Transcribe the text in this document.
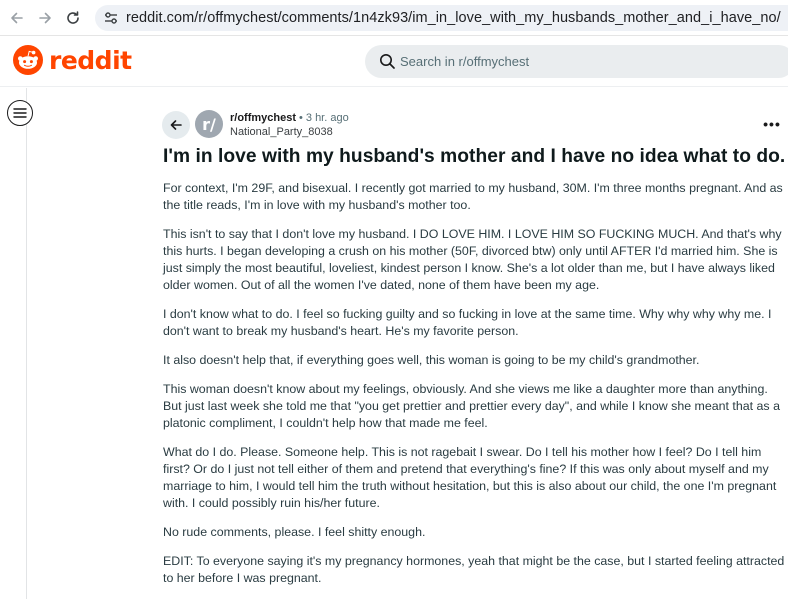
reddit.com/r/offmychest/comments/1n4zk93/im_in_love_with_my_husbands_mother_and_i_have_no/
reddit	Search in r/offmychest
r/	r/offmychest • 3 hr. ago
National_Party_8038	•••
I'm in love with my husband's mother and I have no idea what to do.

For context, I'm 29F, and bisexual. I recently got married to my husband, 30M. I'm three months pregnant. And as the title reads, I'm in love with my husband's mother too.

This isn't to say that I don't love my husband. I DO LOVE HIM. I LOVE HIM SO FUCKING MUCH. And that's why this hurts. I began developing a crush on his mother (50F, divorced btw) only until AFTER I'd married him. She is just simply the most beautiful, loveliest, kindest person I know. She's a lot older than me, but I have always liked older women. Out of all the women I've dated, none of them have been my age.

I don't know what to do. I feel so fucking guilty and so fucking in love at the same time. Why why why why me. I don't want to break my husband's heart. He's my favorite person.

It also doesn't help that, if everything goes well, this woman is going to be my child's grandmother.

This woman doesn't know about my feelings, obviously. And she views me like a daughter more than anything. But just last week she told me that "you get prettier and prettier every day", and while I know she meant that as a platonic compliment, I couldn't help how that made me feel.

What do I do. Please. Someone help. This is not ragebait I swear. Do I tell his mother how I feel? Do I tell him first? Or do I just not tell either of them and pretend that everything's fine? If this was only about myself and my marriage to him, I would tell him the truth without hesitation, but this is also about our child, the one I'm pregnant with. I could possibly ruin his/her future.

No rude comments, please. I feel shitty enough.

EDIT: To everyone saying it's my pregnancy hormones, yeah that might be the case, but I started feeling attracted to her before I was pregnant.
